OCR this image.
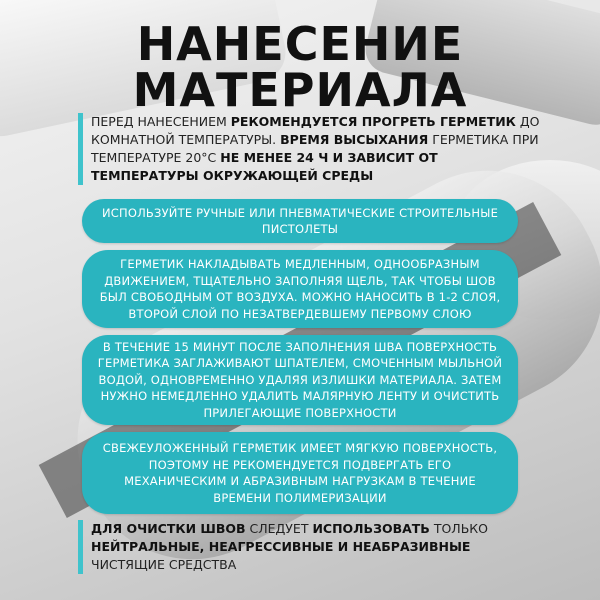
НАНЕСЕНИЕ
МАТЕРИАЛА
ПЕРЕД НАНЕСЕНИЕМ РЕКОМЕНДУЕТСЯ ПРОГРЕТЬ ГЕРМЕТИК ДО КОМНАТНОЙ ТЕМПЕРАТУРЫ. ВРЕМЯ ВЫСЫХАНИЯ ГЕРМЕТИКА ПРИ ТЕМПЕРАТУРЕ 20°C НЕ МЕНЕЕ 24 Ч И ЗАВИСИТ ОТ ТЕМПЕРАТУРЫ ОКРУЖАЮЩЕЙ СРЕДЫ
ИСПОЛЬЗУЙТЕ РУЧНЫЕ ИЛИ ПНЕВМАТИЧЕСКИЕ СТРОИТЕЛЬНЫЕ ПИСТОЛЕТЫ
ГЕРМЕТИК НАКЛАДЫВАТЬ МЕДЛЕННЫМ, ОДНООБРАЗНЫМ ДВИЖЕНИЕМ, ТЩАТЕЛЬНО ЗАПОЛНЯЯ ЩЕЛЬ, ТАК ЧТОБЫ ШОВ БЫЛ СВОБОДНЫМ ОТ ВОЗДУХА. МОЖНО НАНОСИТЬ В 1-2 СЛОЯ, ВТОРОЙ СЛОЙ ПО НЕЗАТВЕРДЕВШЕМУ ПЕРВОМУ СЛОЮ
В ТЕЧЕНИЕ 15 МИНУТ ПОСЛЕ ЗАПОЛНЕНИЯ ШВА ПОВЕРХНОСТЬ ГЕРМЕТИКА ЗАГЛАЖИВАЮТ ШПАТЕЛЕМ, СМОЧЕННЫМ МЫЛЬНОЙ ВОДОЙ, ОДНОВРЕМЕННО УДАЛЯЯ ИЗЛИШКИ МАТЕРИАЛА. ЗАТЕМ НУЖНО НЕМЕДЛЕННО УДАЛИТЬ МАЛЯРНУЮ ЛЕНТУ И ОЧИСТИТЬ ПРИЛЕГАЮЩИЕ ПОВЕРХНОСТИ
СВЕЖЕУЛОЖЕННЫЙ ГЕРМЕТИК ИМЕЕТ МЯГКУЮ ПОВЕРХНОСТЬ, ПОЭТОМУ НЕ РЕКОМЕНДУЕТСЯ ПОДВЕРГАТЬ ЕГО МЕХАНИЧЕСКИМ И АБРАЗИВНЫМ НАГРУЗКАМ В ТЕЧЕНИЕ ВРЕМЕНИ ПОЛИМЕРИЗАЦИИ
ДЛЯ ОЧИСТКИ ШВОВ СЛЕДУЕТ ИСПОЛЬЗОВАТЬ ТОЛЬКО НЕЙТРАЛЬНЫЕ, НЕАГРЕССИВНЫЕ И НЕАБРАЗИВНЫЕ ЧИСТЯЩИЕ СРЕДСТВА
